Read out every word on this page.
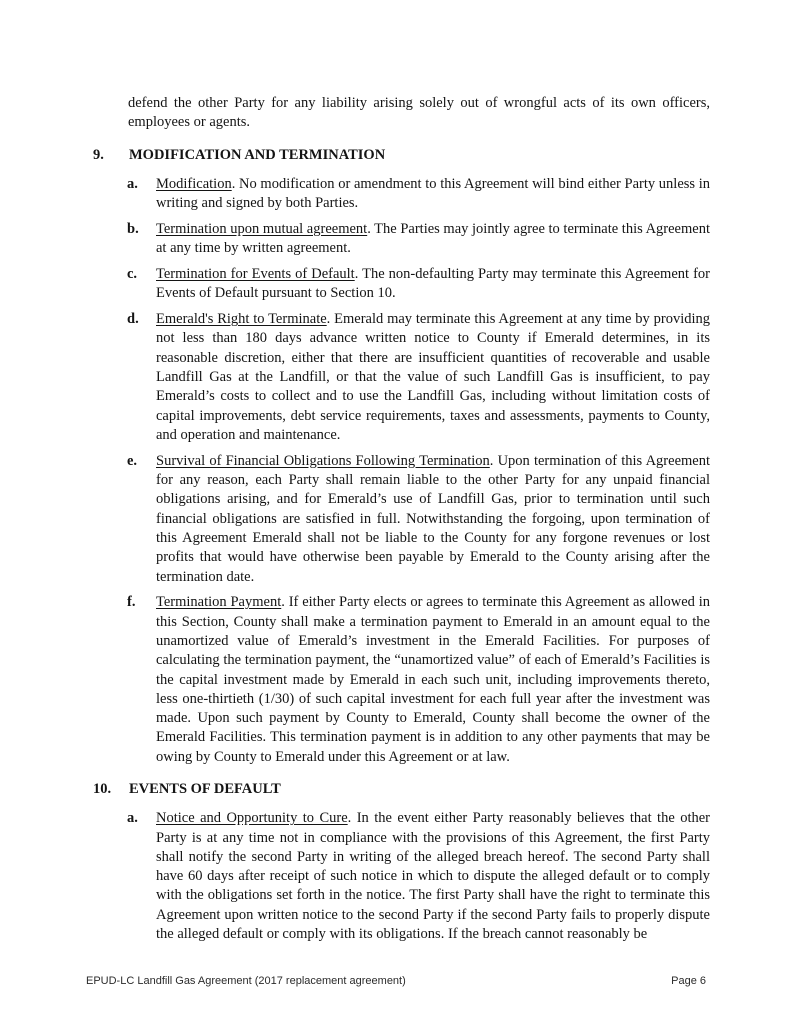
defend the other Party for any liability arising solely out of wrongful acts of its own officers, employees or agents.

9.	MODIFICATION AND TERMINATION
a.	Modification. No modification or amendment to this Agreement will bind either Party unless in writing and signed by both Parties.
b.	Termination upon mutual agreement. The Parties may jointly agree to terminate this Agreement at any time by written agreement.
c.	Termination for Events of Default. The non-defaulting Party may terminate this Agreement for Events of Default pursuant to Section 10.
d.	Emerald's Right to Terminate. Emerald may terminate this Agreement at any time by providing not less than 180 days advance written notice to County if Emerald determines, in its reasonable discretion, either that there are insufficient quantities of recoverable and usable Landfill Gas at the Landfill, or that the value of such Landfill Gas is insufficient, to pay Emerald’s costs to collect and to use the Landfill Gas, including without limitation costs of capital improvements, debt service requirements, taxes and assessments, payments to County, and operation and maintenance.
e.	Survival of Financial Obligations Following Termination. Upon termination of this Agreement for any reason, each Party shall remain liable to the other Party for any unpaid financial obligations arising, and for Emerald’s use of Landfill Gas, prior to termination until such financial obligations are satisfied in full. Notwithstanding the forgoing, upon termination of this Agreement Emerald shall not be liable to the County for any forgone revenues or lost profits that would have otherwise been payable by Emerald to the County arising after the termination date.
f.	Termination Payment. If either Party elects or agrees to terminate this Agreement as allowed in this Section, County shall make a termination payment to Emerald in an amount equal to the unamortized value of Emerald’s investment in the Emerald Facilities. For purposes of calculating the termination payment, the “unamortized value” of each of Emerald’s Facilities is the capital investment made by Emerald in each such unit, including improvements thereto, less one-thirtieth (1/30) of such capital investment for each full year after the investment was made. Upon such payment by County to Emerald, County shall become the owner of the Emerald Facilities. This termination payment is in addition to any other payments that may be owing by County to Emerald under this Agreement or at law.
10.	EVENTS OF DEFAULT
a.	Notice and Opportunity to Cure. In the event either Party reasonably believes that the other Party is at any time not in compliance with the provisions of this Agreement, the first Party shall notify the second Party in writing of the alleged breach hereof. The second Party shall have 60 days after receipt of such notice in which to dispute the alleged default or to comply with the obligations set forth in the notice. The first Party shall have the right to terminate this Agreement upon written notice to the second Party if the second Party fails to properly dispute the alleged default or comply with its obligations. If the breach cannot reasonably be
EPUD-LC Landfill Gas Agreement (2017 replacement agreement)	Page 6
